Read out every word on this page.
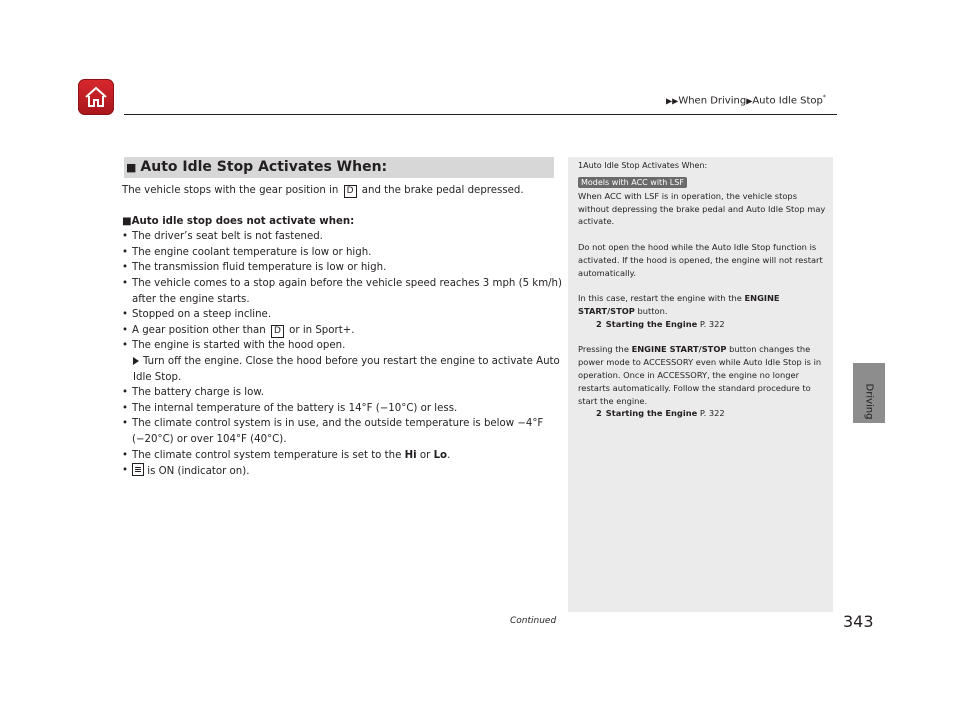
▶▶When Driving▶Auto Idle Stop*
Driving
■ Auto Idle Stop Activates When:

The vehicle stops with the gear position in D and the brake pedal depressed.

■Auto idle stop does not activate when:

• The driver’s seat belt is not fastened.

• The engine coolant temperature is low or high.

• The transmission fluid temperature is low or high.

• The vehicle comes to a stop again before the vehicle speed reaches 3 mph (5 km/h) after the engine starts.

• Stopped on a steep incline.

• A gear position other than D or in Sport+.

• The engine is started with the hood open.

Turn off the engine. Close the hood before you restart the engine to activate Auto Idle Stop.

• The battery charge is low.

• The internal temperature of the battery is 14°F (−10°C) or less.

• The climate control system is in use, and the outside temperature is below −4°F (−20°C) or over 104°F (40°C).

• The climate control system temperature is set to the Hi or Lo.

• is ON (indicator on).

1Auto Idle Stop Activates When:

Models with ACC with LSF

When ACC with LSF is in operation, the vehicle stops without depressing the brake pedal and Auto Idle Stop may activate.

Do not open the hood while the Auto Idle Stop function is activated. If the hood is opened, the engine will not restart automatically.

In this case, restart the engine with the ENGINE START/STOP button.

2 Starting the Engine P. 322

Pressing the ENGINE START/STOP button changes the power mode to ACCESSORY even while Auto Idle Stop is in operation. Once in ACCESSORY, the engine no longer restarts automatically. Follow the standard procedure to start the engine.

2 Starting the Engine P. 322

Continued	343
